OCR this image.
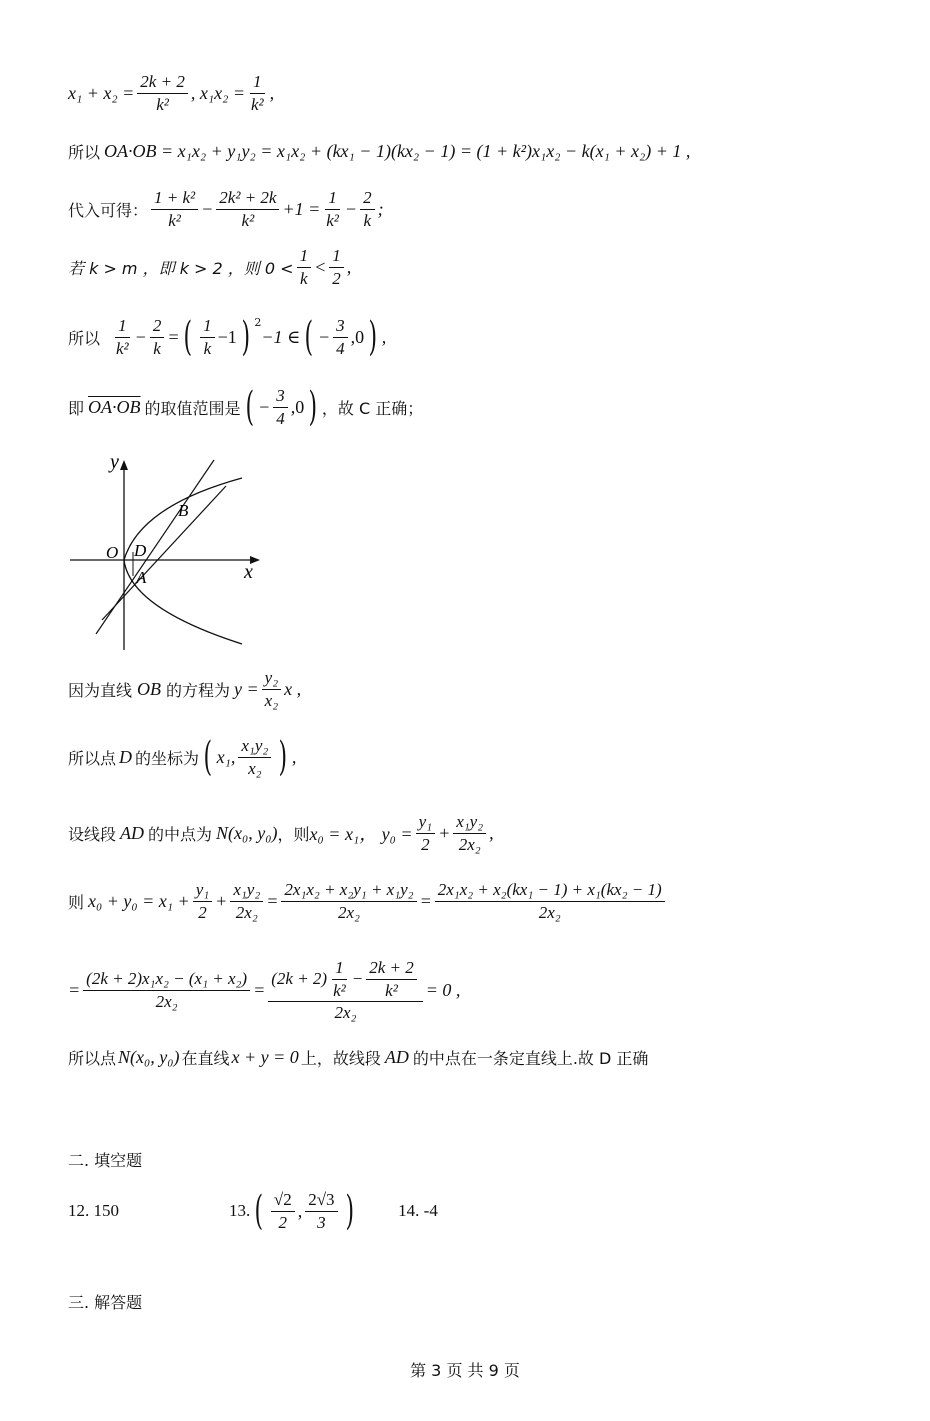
$x_1 + x_2 = \frac{2k + 2}{\text{k²}}$ , $x_1x_2 = \frac{1}{\text{k²}}$ ,
所以 OA·OB = x₁x₂ + y₁y₂ = x₁x₂ + (kx₁ − 1)(kx₂ − 1) = (1 + k²)x₁x₂ − k(x₁ + x₂) + 1 ,
代入可得： $\frac{\text{1 + k²}}{\text{k²}} - \frac{\text{2k² + 2k}}{\text{k²}} +1 = \frac{1}{\text{k²}} - \frac{2}{k}$ ;
若 k > m ，即 k > 2 ，则 $0 < \frac{1}{k} < \frac{1}{2}$ ,
所以 $\frac{1}{\text{k²}} - \frac{2}{k}$ = ( $\frac{1}{k} -1$ ) $^2$
−1 ∈ ( − $\frac{3}{4} ,0$ ) ,
即 OA·OB 的取值范围是 ( − $\frac{3}{4} ,0$ ) ，故 C 正确；
y
x
O D
A
B
因为直线 OB 的方程为 $y = \frac{\text{y₂}}{\text{x₂}}$ x ,
所以点 D 的坐标为 ( x₁, $\frac{\text{x₁y₂}}{\text{x₂}}$ ) ,
设线段 AD 的中点为 N(x₀, y₀) ，则 x₀ = x₁， $y_0 = \frac{\text{y₁}}{2} + \frac{\text{x₁y₂}}{\text{2x₂}}$ ,
则 $x_0 + y_0 = x_1 + \frac{\text{y₁}}{2} + \frac{\text{x₁y₂}}{\text{2x₂}} = \frac{\text{2x₁x₂ + x₂y₁ + x₁y₂}}{\text{2x₂}} = \frac{\text{2x₁x₂ + x₂(kx₁ − 1) + x₁(kx₂ − 1)}}{\text{2x₂}}$
= $\frac{\text{(2k + 2)x₁x₂ − (x₁ + x₂)}}{\text{2x₂}} = \frac{(2k + 2) \frac{1}{\text{k²}} - \frac{2k + 2}{\text{k²}}}{\text{2x₂}} = 0$ ,
所以点 N(x₀, y₀) 在直线 x + y = 0 上，故线段 AD 的中点在一条定直线上.故 D 正确
二. 填空题
12. 150	13. ( $\frac{√2}{2}$ , $\frac{2√3}{3}$ )	14. -4
三. 解答题
第 3 页 共 9 页
